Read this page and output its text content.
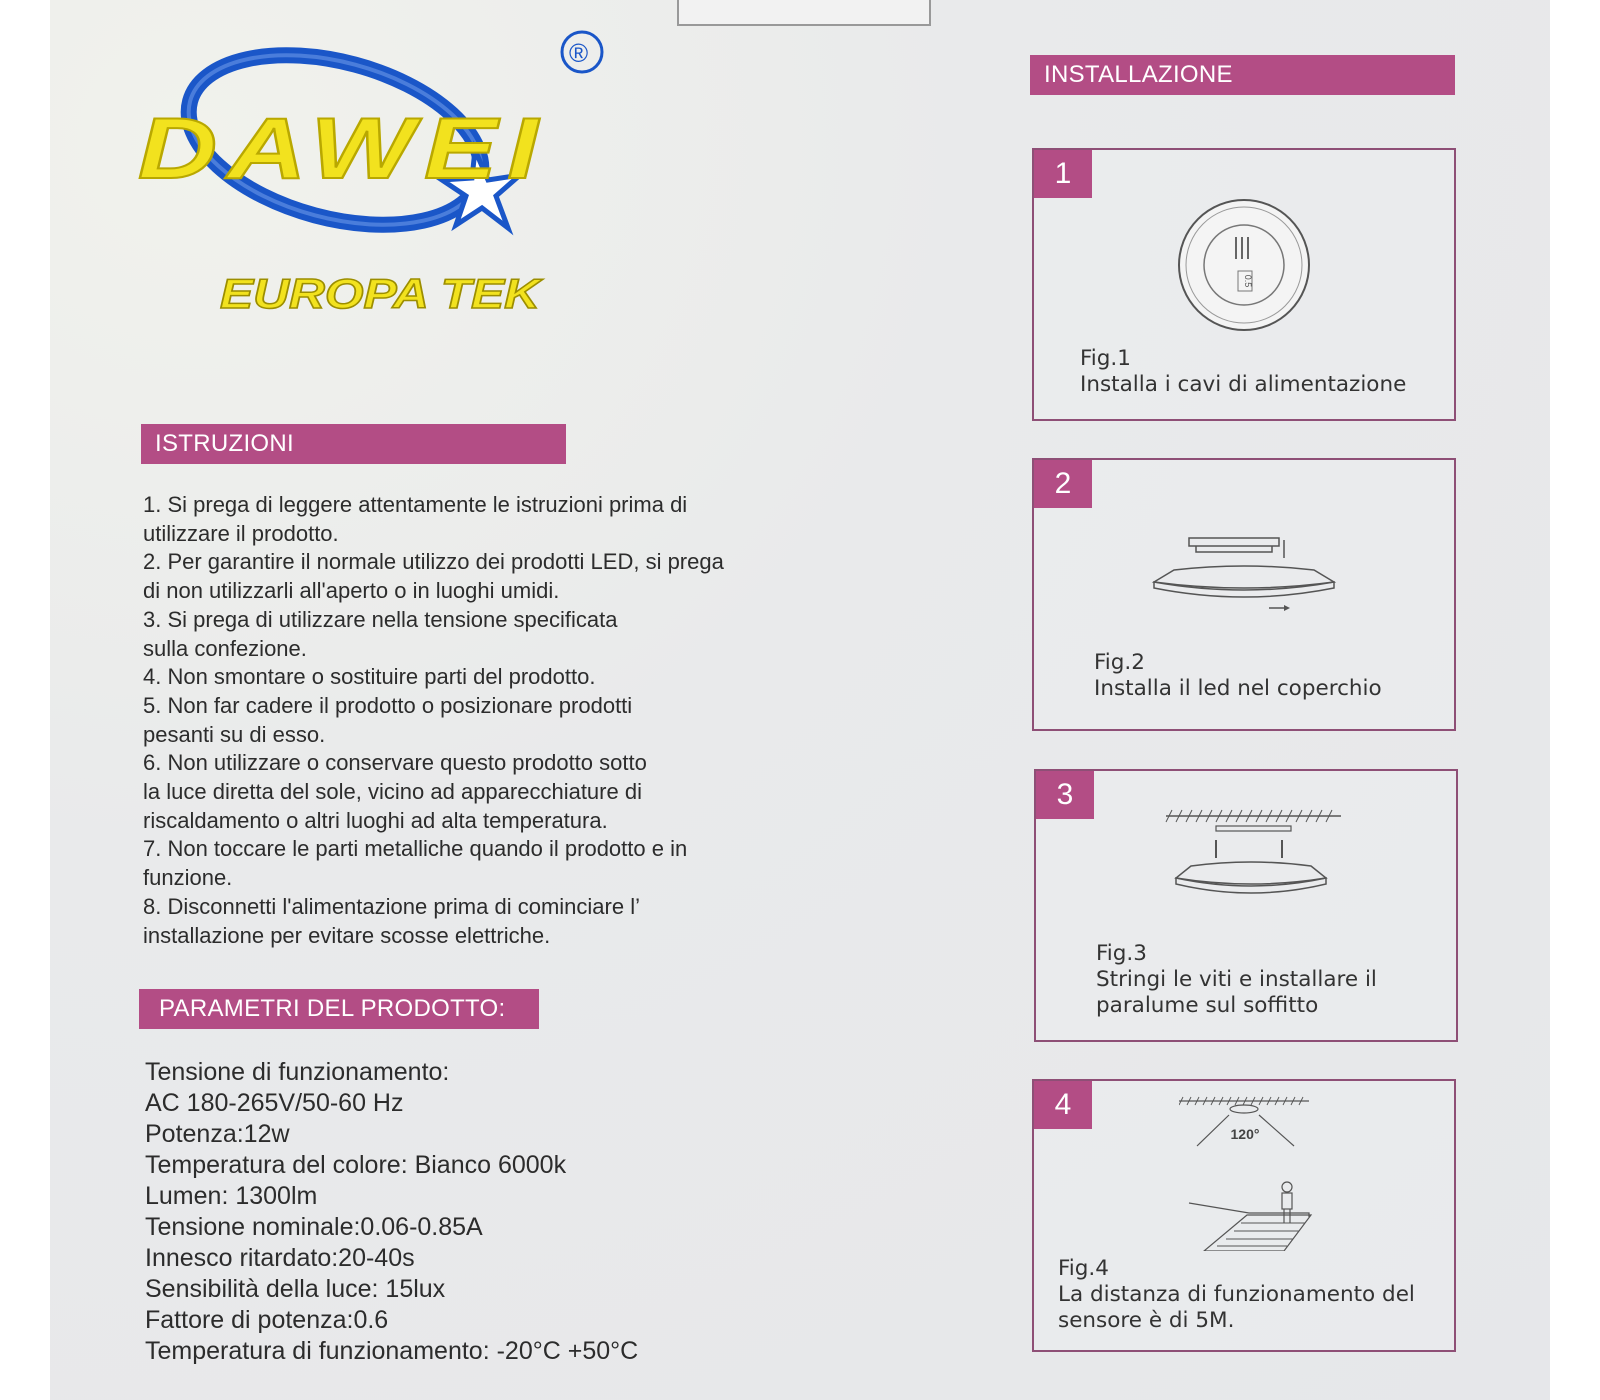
DAWEI
®
EUROPA TEK
ISTRUZIONI

1. Si prega di leggere attentamente le istruzioni prima di

utilizzare il prodotto.

2. Per garantire il normale utilizzo dei prodotti LED, si prega

di non utilizzarli all'aperto o in luoghi umidi.

3. Si prega di utilizzare nella tensione specificata

sulla confezione.

4. Non smontare o sostituire parti del prodotto.

5. Non far cadere il prodotto o posizionare prodotti

pesanti su di esso.

6. Non utilizzare o conservare questo prodotto sotto

la luce diretta del sole, vicino ad apparecchiature di

riscaldamento o altri luoghi ad alta temperatura.

7. Non toccare le parti metalliche quando il prodotto e in

funzione.

8. Disconnetti l'alimentazione prima di cominciare l’

installazione per evitare scosse elettriche.

PARAMETRI DEL PRODOTTO:

Tensione di funzionamento:

AC 180-265V/50-60 Hz

Potenza:12w

Temperatura del colore: Bianco 6000k

Lumen: 1300lm

Tensione nominale:0.06-0.85A

Innesco ritardato:20-40s

Sensibilità della luce: 15lux

Fattore di potenza:0.6

Temperatura di funzionamento: -20°C +50°C

INSTALLAZIONE
1
0.5
Fig.1
Installa i cavi di alimentazione
2
Fig.2
Installa il led nel coperchio
3
Fig.3
Stringi le viti e installare il
paralume sul soffitto
4
120°
Fig.4
La distanza di funzionamento del
sensore è di 5M.
